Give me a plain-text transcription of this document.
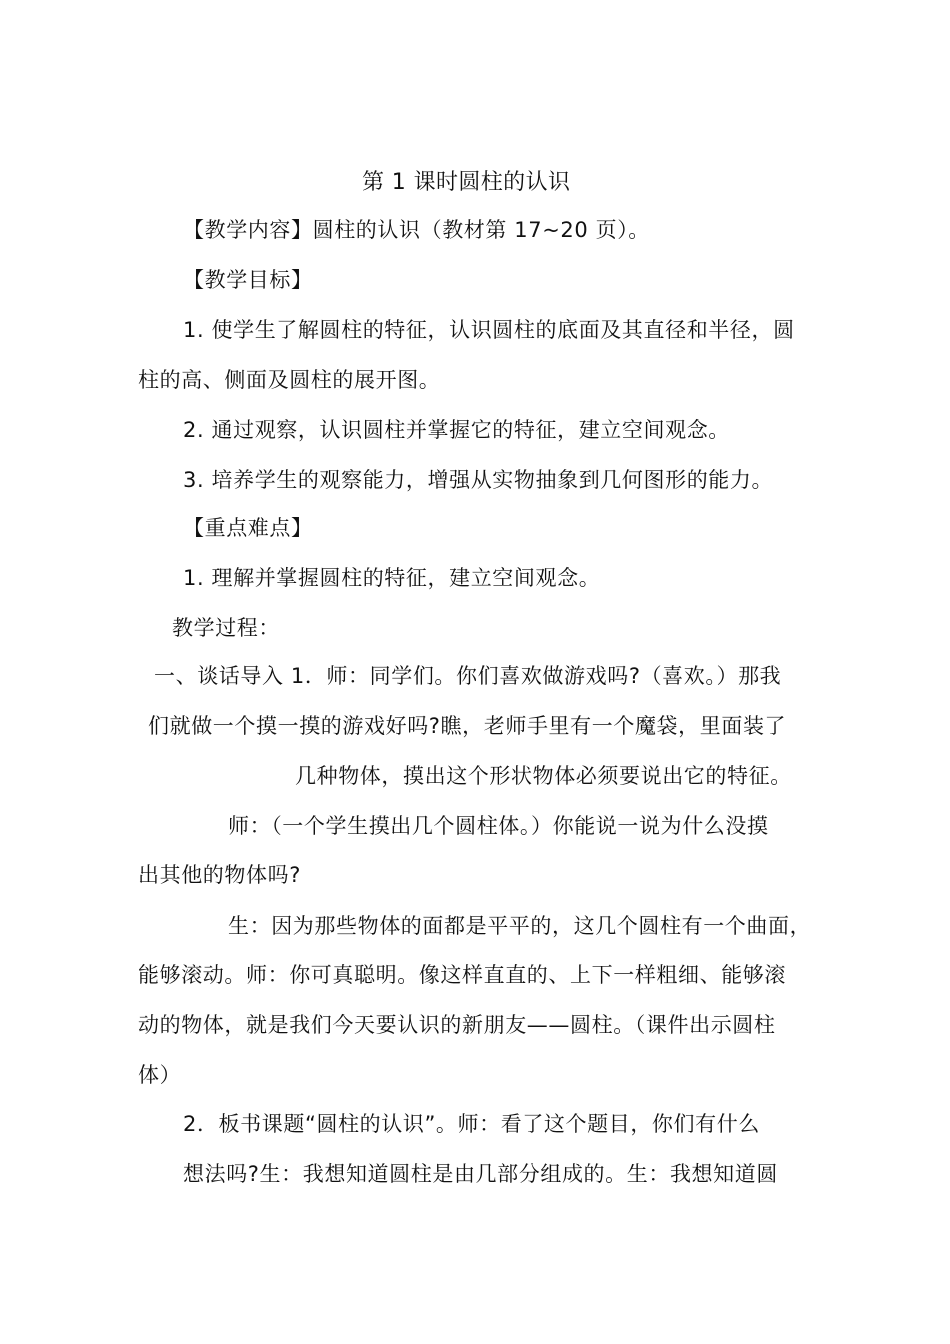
第 1 课时圆柱的认识
【教学内容】圆柱的认识（教材第 17~20 页）。
【教学目标】
1. 使学生了解圆柱的特征，认识圆柱的底面及其直径和半径，圆
柱的高、侧面及圆柱的展开图。
2. 通过观察，认识圆柱并掌握它的特征，建立空间观念。
3. 培养学生的观察能力，增强从实物抽象到几何图形的能力。
【重点难点】
1. 理解并掌握圆柱的特征，建立空间观念。
教学过程：
一、谈话导入 1．师：同学们。你们喜欢做游戏吗?（喜欢。）那我
们就做一个摸一摸的游戏好吗?瞧，老师手里有一个魔袋，里面装了
几种物体，摸出这个形状物体必须要说出它的特征。
师：（一个学生摸出几个圆柱体。）你能说一说为什么没摸
出其他的物体吗?
生：因为那些物体的面都是平平的，这几个圆柱有一个曲面，
能够滚动。师：你可真聪明。像这样直直的、上下一样粗细、能够滚
动的物体，就是我们今天要认识的新朋友——圆柱。（课件出示圆柱
体）
2．板书课题“圆柱的认识”。师：看了这个题目，你们有什么
想法吗?生：我想知道圆柱是由几部分组成的。生：我想知道圆
